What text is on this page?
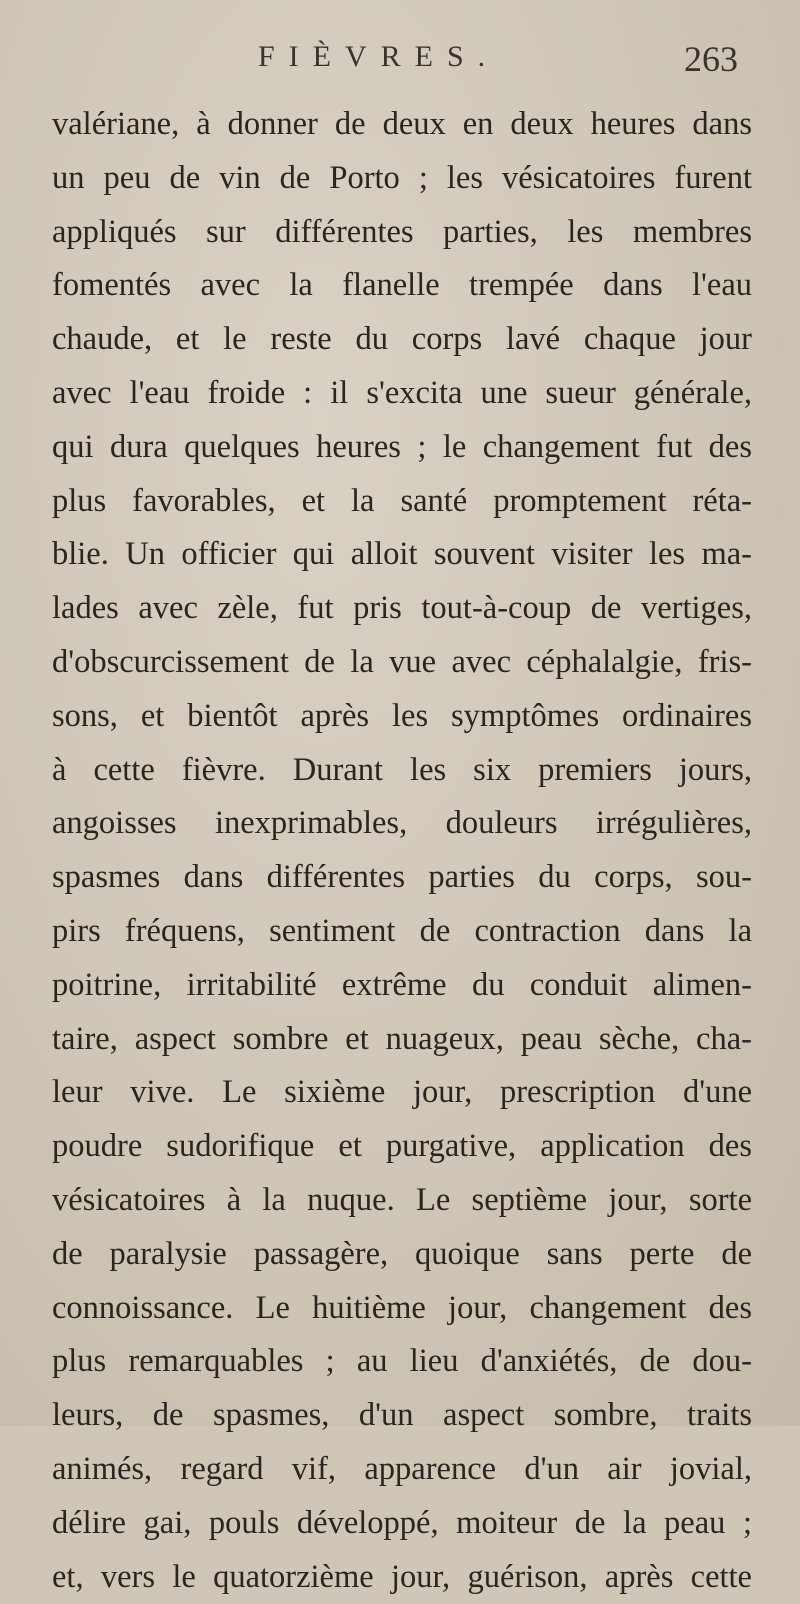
FIÈVRES.	263
valériane, à donner de deux en deux heures dans
un peu de vin de Porto ; les vésicatoires furent
appliqués sur différentes parties, les membres
fomentés avec la flanelle trempée dans l'eau
chaude, et le reste du corps lavé chaque jour
avec l'eau froide : il s'excita une sueur générale,
qui dura quelques heures ; le changement fut des
plus favorables, et la santé promptement réta-
blie. Un officier qui alloit souvent visiter les ma-
lades avec zèle, fut pris tout-à-coup de vertiges,
d'obscurcissement de la vue avec céphalalgie, fris-
sons, et bientôt après les symptômes ordinaires
à cette fièvre. Durant les six premiers jours,
angoisses inexprimables, douleurs irrégulières,
spasmes dans différentes parties du corps, sou-
pirs fréquens, sentiment de contraction dans la
poitrine, irritabilité extrême du conduit alimen-
taire, aspect sombre et nuageux, peau sèche, cha-
leur vive. Le sixième jour, prescription d'une
poudre sudorifique et purgative, application des
vésicatoires à la nuque. Le septième jour, sorte
de paralysie passagère, quoique sans perte de
connoissance. Le huitième jour, changement des
plus remarquables ; au lieu d'anxiétés, de dou-
leurs, de spasmes, d'un aspect sombre, traits
animés, regard vif, apparence d'un air jovial,
délire gai, pouls développé, moiteur de la peau ;
et, vers le quatorzième jour, guérison, après cette
